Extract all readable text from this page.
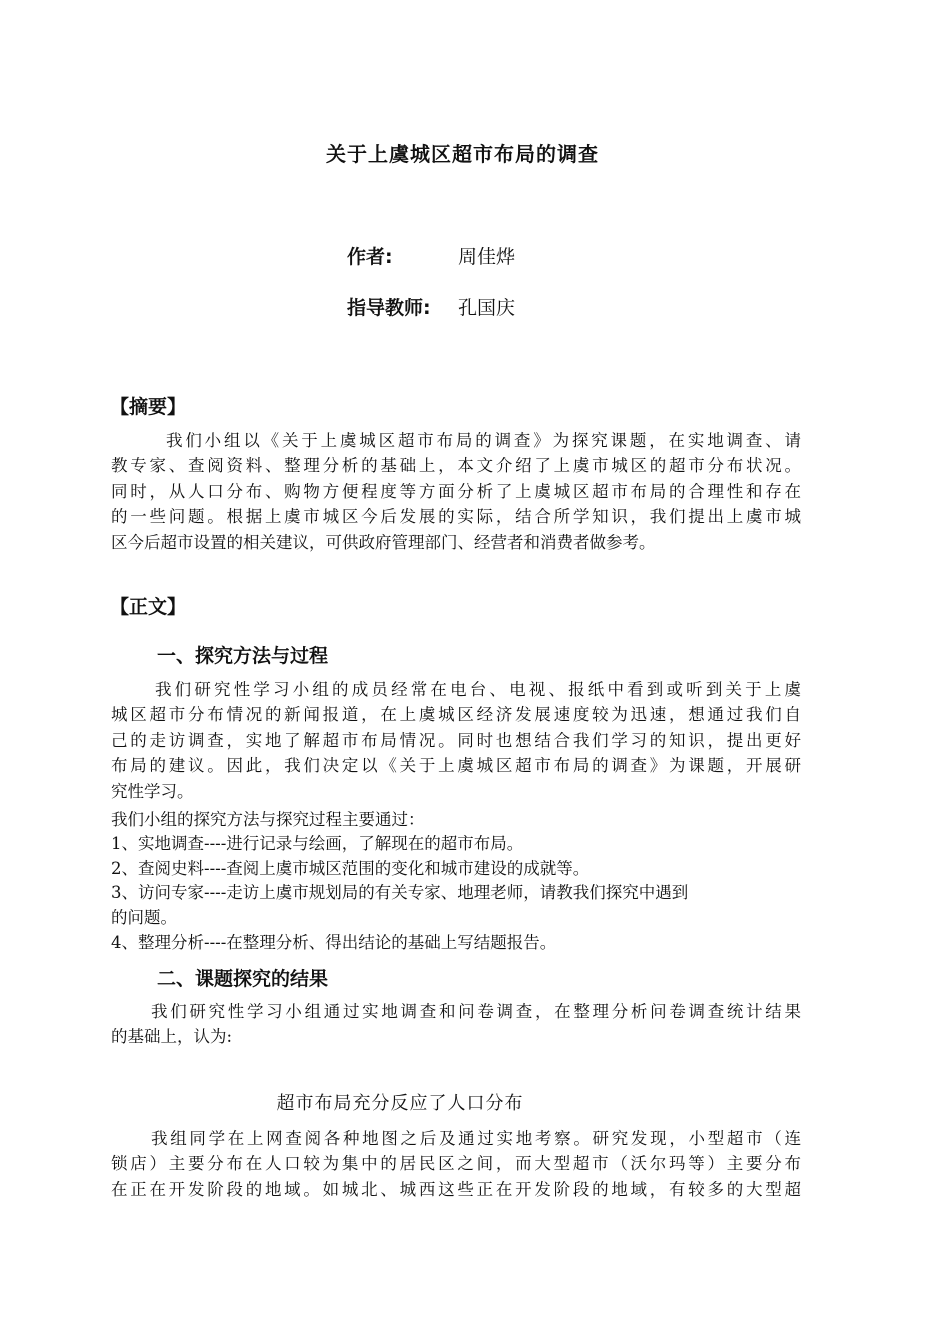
关于上虞城区超市布局的调查
作者:	周佳烨
指导教师: 孔国庆
【摘要】
我们小组以《关于上虞城区超市布局的调查》为探究课题，在实地调查、请
教专家、查阅资料、整理分析的基础上，本文介绍了上虞市城区的超市分布状况。
同时，从人口分布、购物方便程度等方面分析了上虞城区超市布局的合理性和存在
的一些问题。根据上虞市城区今后发展的实际，结合所学知识，我们提出上虞市城
区今后超市设置的相关建议，可供政府管理部门、经营者和消费者做参考。
【正文】
一、探究方法与过程
我们研究性学习小组的成员经常在电台、电视、报纸中看到或听到关于上虞
城区超市分布情况的新闻报道，在上虞城区经济发展速度较为迅速，想通过我们自
己的走访调查，实地了解超市布局情况。同时也想结合我们学习的知识，提出更好
布局的建议。因此，我们决定以《关于上虞城区超市布局的调查》为课题，开展研
究性学习。
我们小组的探究方法与探究过程主要通过：
1、实地调查----进行记录与绘画，了解现在的超市布局。
2、查阅史料----查阅上虞市城区范围的变化和城市建设的成就等。
3、访问专家----走访上虞市规划局的有关专家、地理老师，请教我们探究中遇到
的问题。
4、整理分析----在整理分析、得出结论的基础上写结题报告。
二、课题探究的结果
我们研究性学习小组通过实地调查和问卷调查，在整理分析问卷调查统计结果
的基础上，认为:
超市布局充分反应了人口分布
我组同学在上网查阅各种地图之后及通过实地考察。研究发现，小型超市（连
锁店）主要分布在人口较为集中的居民区之间，而大型超市（沃尔玛等）主要分布
在正在开发阶段的地域。如城北、城西这些正在开发阶段的地域，有较多的大型超
